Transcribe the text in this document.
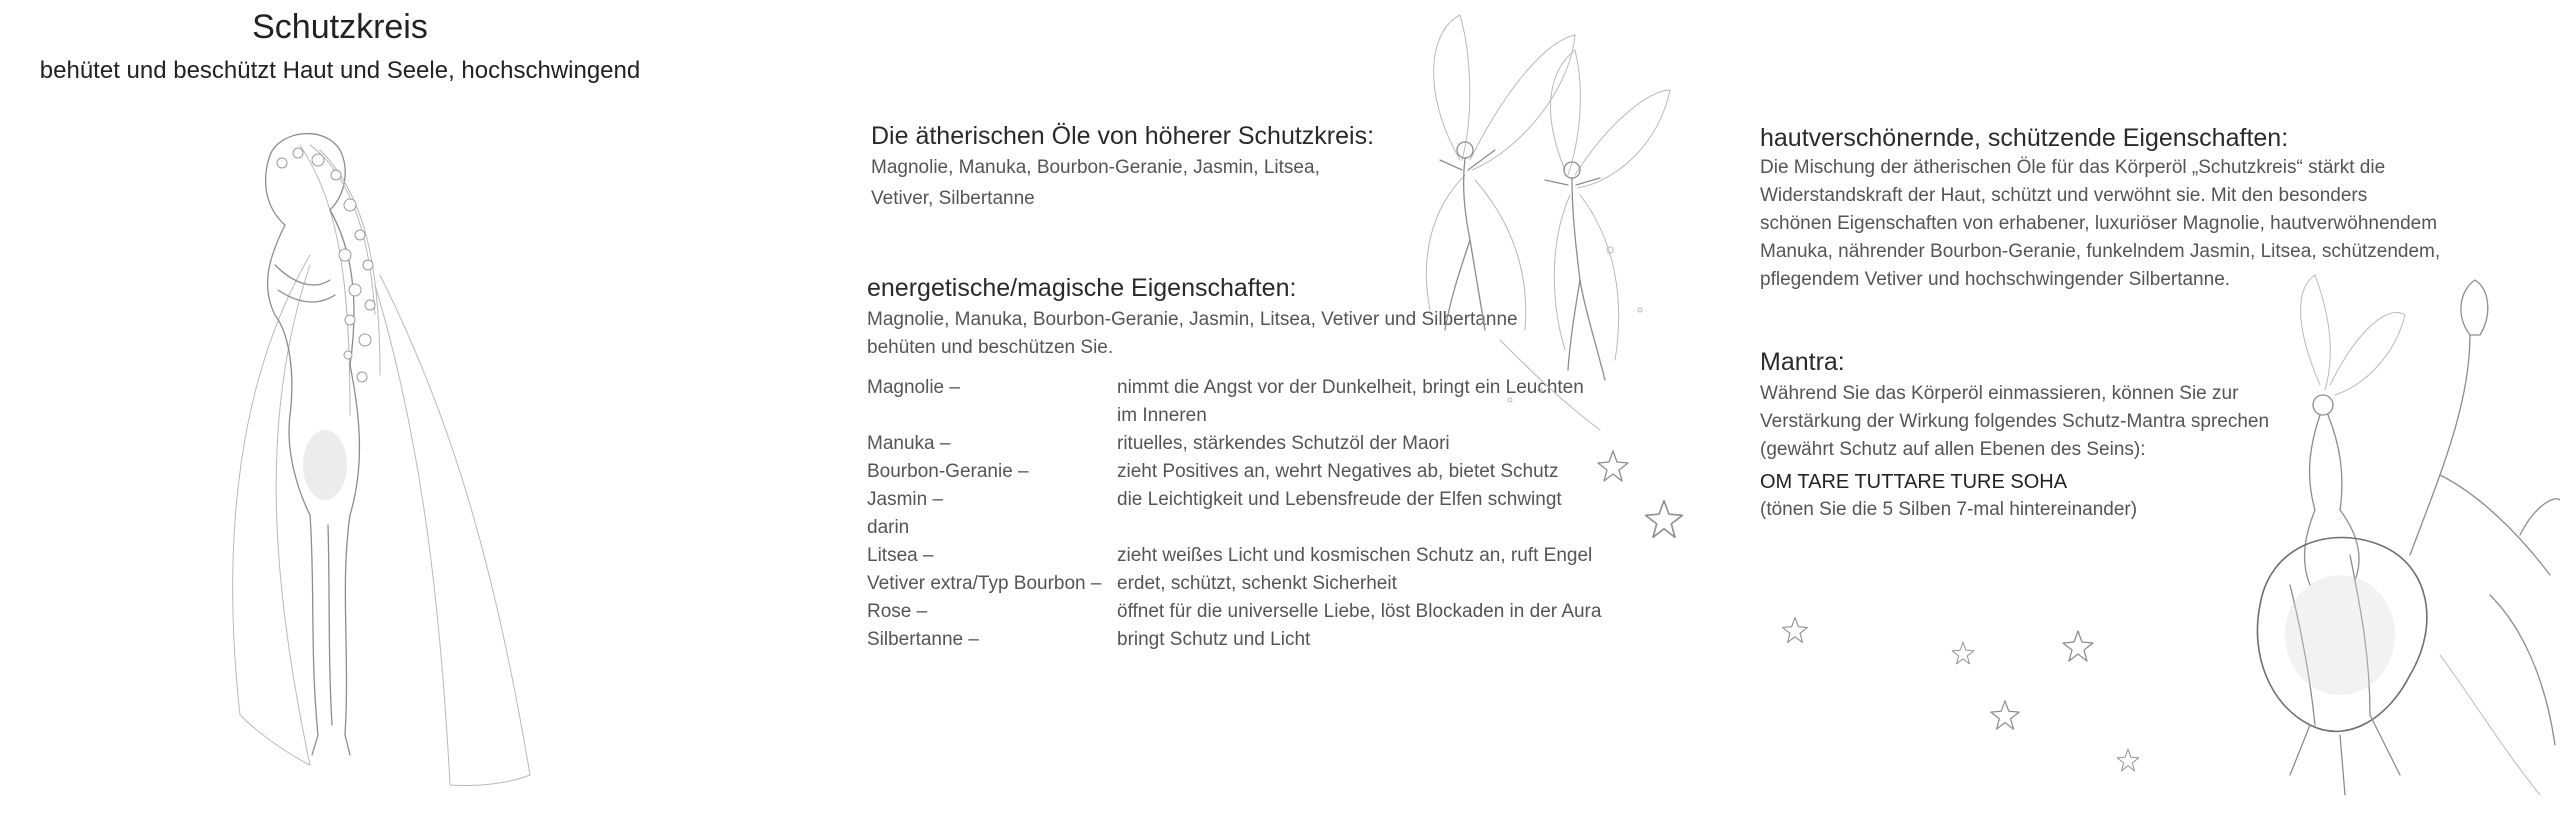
Schutzkreis
behütet und beschützt Haut und Seele, hochschwingend
Die ätherischen Öle von höherer Schutzkreis:
Magnolie, Manuka, Bourbon-Geranie, Jasmin, Litsea,
Vetiver, Silbertanne
energetische/magische Eigenschaften:
Magnolie, Manuka, Bourbon-Geranie, Jasmin, Litsea, Vetiver und Silbertanne
behüten und beschützen Sie.
Magnolie –	nimmt die Angst vor der Dunkelheit, bringt ein Leuchten
im Inneren
Manuka –	rituelles, stärkendes Schutzöl der Maori
Bourbon-Geranie –	zieht Positives an, wehrt Negatives ab, bietet Schutz
Jasmin –	die Leichtigkeit und Lebensfreude der Elfen schwingt
darin
Litsea –	zieht weißes Licht und kosmischen Schutz an, ruft Engel
Vetiver extra/Typ Bourbon – erdet, schützt, schenkt Sicherheit
Rose –	öffnet für die universelle Liebe, löst Blockaden in der Aura
Silbertanne –	bringt Schutz und Licht
hautverschönernde, schützende Eigenschaften:
Die Mischung der ätherischen Öle für das Körperöl „Schutzkreis“ stärkt die
Widerstandskraft der Haut, schützt und verwöhnt sie. Mit den besonders
schönen Eigenschaften von erhabener, luxuriöser Magnolie, hautverwöhnendem
Manuka, nährender Bourbon-Geranie, funkelndem Jasmin, Litsea, schützendem,
pflegendem Vetiver und hochschwingender Silbertanne.
Mantra:
Während Sie das Körperöl einmassieren, können Sie zur
Verstärkung der Wirkung folgendes Schutz-Mantra sprechen
(gewährt Schutz auf allen Ebenen des Seins):
OM TARE TUTTARE TURE SOHA
(tönen Sie die 5 Silben 7-mal hintereinander)
